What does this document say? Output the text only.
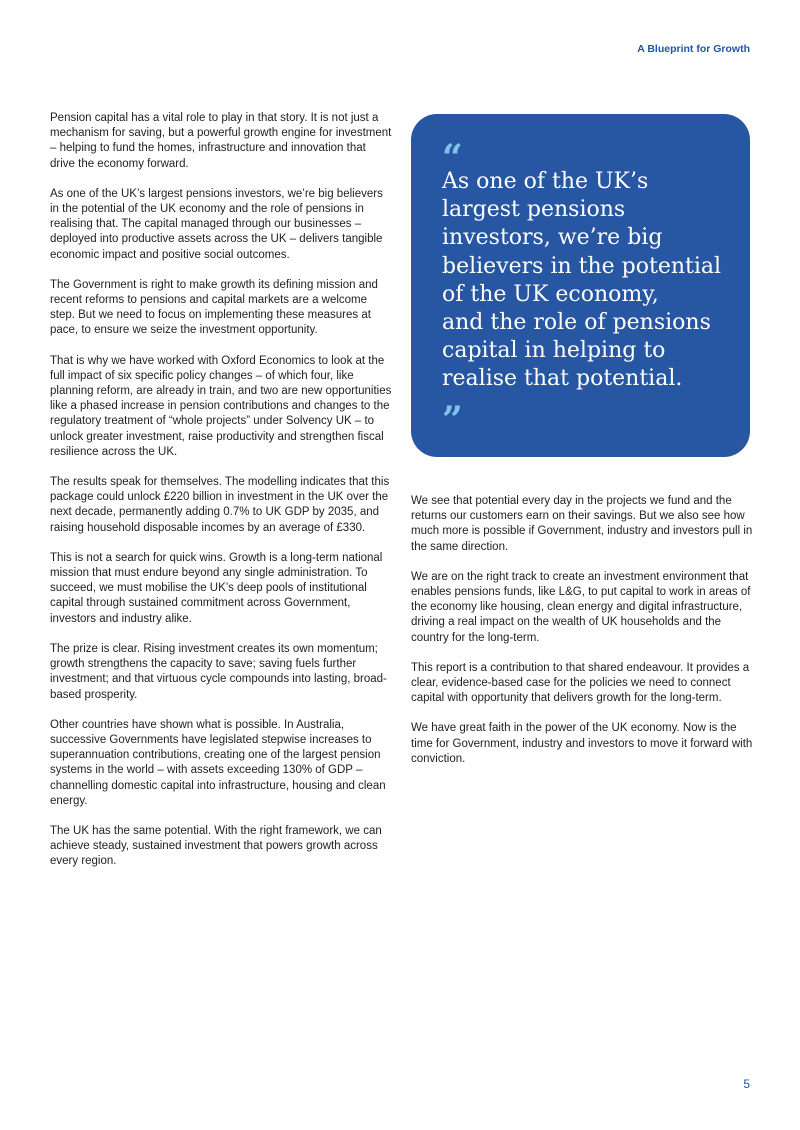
A Blueprint for Growth

Pension capital has a vital role to play in that story. It is not just a mechanism for saving, but a powerful growth engine for investment – helping to fund the homes, infrastructure and innovation that drive the economy forward.

As one of the UK’s largest pensions investors, we’re big believers in the potential of the UK economy and the role of pensions in realising that. The capital managed through our businesses – deployed into productive assets across the UK – delivers tangible economic impact and positive social outcomes.

The Government is right to make growth its defining mission and recent reforms to pensions and capital markets are a welcome step. But we need to focus on implementing these measures at pace, to ensure we seize the investment opportunity.

That is why we have worked with Oxford Economics to look at the full impact of six specific policy changes – of which four, like planning reform, are already in train, and two are new opportunities like a phased increase in pension contributions and changes to the regulatory treatment of “whole projects” under Solvency UK – to unlock greater investment, raise productivity and strengthen fiscal resilience across the UK.

The results speak for themselves. The modelling indicates that this package could unlock £220 billion in investment in the UK over the next decade, permanently adding 0.7% to UK GDP by 2035, and raising household disposable incomes by an average of £330.

This is not a search for quick wins. Growth is a long-term national mission that must endure beyond any single administration. To succeed, we must mobilise the UK’s deep pools of institutional capital through sustained commitment across Government, investors and industry alike.

The prize is clear. Rising investment creates its own momentum; growth strengthens the capacity to save; saving fuels further investment; and that virtuous cycle compounds into lasting, broad-based prosperity.

Other countries have shown what is possible. In Australia, successive Governments have legislated stepwise increases to superannuation contributions, creating one of the largest pension systems in the world – with assets exceeding 130% of GDP – channelling domestic capital into infrastructure, housing and clean energy.

The UK has the same potential. With the right framework, we can achieve steady, sustained investment that powers growth across every region.

“
As one of the UK’s
largest pensions
investors, we’re big
believers in the potential
of the UK economy,
and the role of pensions
capital in helping to
realise that potential.
”

We see that potential every day in the projects we fund and the returns our customers earn on their savings. But we also see how much more is possible if Government, industry and investors pull in the same direction.

We are on the right track to create an investment environment that enables pensions funds, like L&G, to put capital to work in areas of the economy like housing, clean energy and digital infrastructure, driving a real impact on the wealth of UK households and the country for the long-term.

This report is a contribution to that shared endeavour. It provides a clear, evidence-based case for the policies we need to connect capital with opportunity that delivers growth for the long-term.

We have great faith in the power of the UK economy. Now is the time for Government, industry and investors to move it forward with conviction.

5
